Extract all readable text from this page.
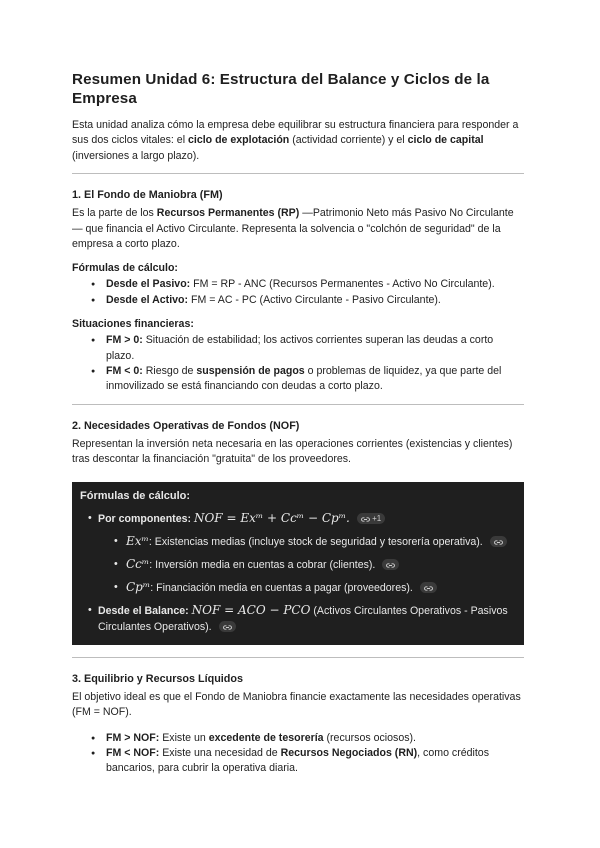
Resumen Unidad 6: Estructura del Balance y Ciclos de la Empresa

Esta unidad analiza cómo la empresa debe equilibrar su estructura financiera para responder a sus dos ciclos vitales: el ciclo de explotación (actividad corriente) y el ciclo de capital (inversiones a largo plazo).

1. El Fondo de Maniobra (FM)

Es la parte de los Recursos Permanentes (RP) —Patrimonio Neto más Pasivo No Circulante— que financia el Activo Circulante. Representa la solvencia o "colchón de seguridad" de la empresa a corto plazo.

Fórmulas de cálculo:
● Desde el Pasivo: FM = RP - ANC (Recursos Permanentes - Activo No Circulante).
● Desde el Activo: FM = AC - PC (Activo Circulante - Pasivo Circulante).
Situaciones financieras:
● FM > 0: Situación de estabilidad; los activos corrientes superan las deudas a corto plazo.
● FM < 0: Riesgo de suspensión de pagos o problemas de liquidez, ya que parte del inmovilizado se está financiando con deudas a corto plazo.
2. Necesidades Operativas de Fondos (NOF)

Representan la inversión neta necesaria en las operaciones corrientes (existencias y clientes) tras descontar la financiación "gratuita" de los proveedores.

Fórmulas de cálculo:
• Por componentes: NOF = Exᵐ + Ccᵐ − Cpᵐ.	+1
• Exᵐ: Existencias medias (incluye stock de seguridad y tesorería operativa).
• Ccᵐ: Inversión media en cuentas a cobrar (clientes).
• Cpᵐ: Financiación media en cuentas a pagar (proveedores).
• Desde el Balance: NOF = ACO − PCO (Activos Circulantes Operativos - Pasivos Circulantes Operativos).
3. Equilibrio y Recursos Líquidos

El objetivo ideal es que el Fondo de Maniobra financie exactamente las necesidades operativas (FM = NOF).

● FM > NOF: Existe un excedente de tesorería (recursos ociosos).
● FM < NOF: Existe una necesidad de Recursos Negociados (RN), como créditos bancarios, para cubrir la operativa diaria.
